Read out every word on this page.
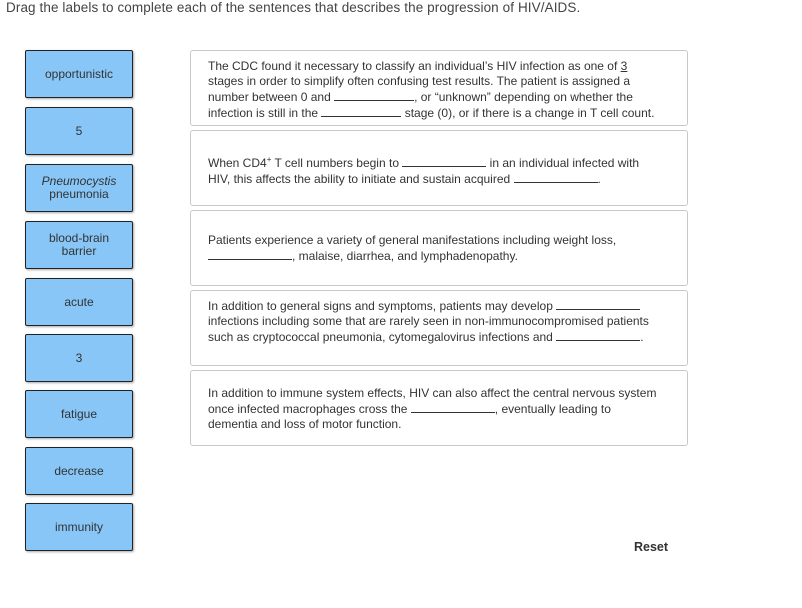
Drag the labels to complete each of the sentences that describes the progression of HIV/AIDS.
opportunistic
5
Pneumocystis
pneumonia
blood-brain
barrier
acute
3
fatigue
decrease
immunity
The CDC found it necessary to classify an individual’s HIV infection as one of 3 stages in order to simplify often confusing test results. The patient is assigned a number between 0 and	, or “unknown” depending on whether the infection is still in the	stage (0), or if there is a change in T cell count.
When CD4+ T cell numbers begin to	in an individual infected with HIV, this affects the ability to initiate and sustain acquired	.
Patients experience a variety of general manifestations including weight loss, , malaise, diarrhea, and lymphadenopathy.
In addition to general signs and symptoms, patients may develop  infections including some that are rarely seen in non-immunocompromised patients such as cryptococcal pneumonia, cytomegalovirus infections and	.
In addition to immune system effects, HIV can also affect the central nervous system once infected macrophages cross the	, eventually leading to dementia and loss of motor function.
Reset
